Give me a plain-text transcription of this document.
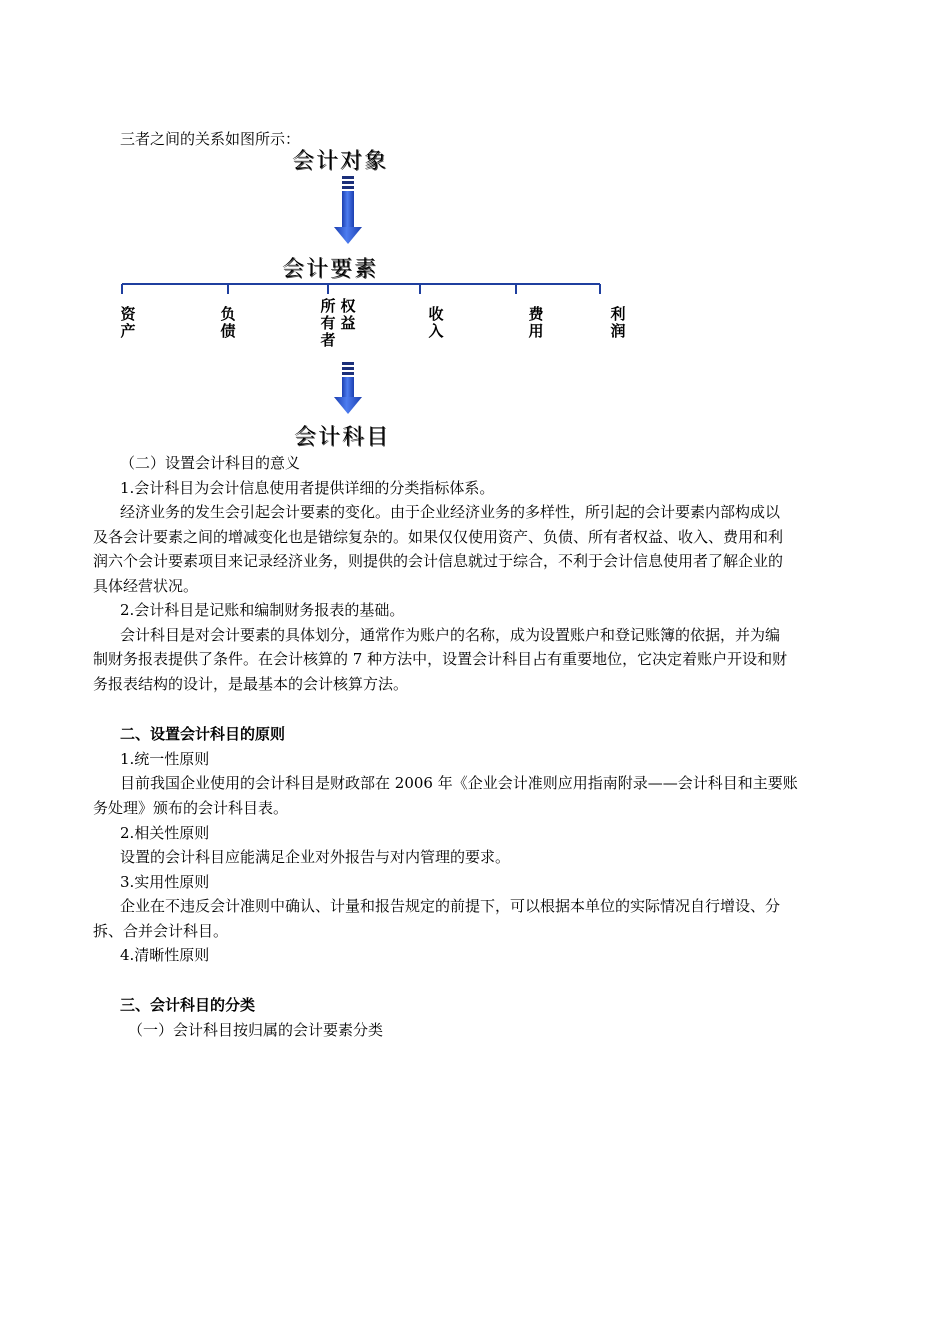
三者之间的关系如图所示：
会计对象
会计要素
资产
负债
所有者
权益	收入
费用
利润
会计科目
（二）设置会计科目的意义
1.会计科目为会计信息使用者提供详细的分类指标体系。
经济业务的发生会引起会计要素的变化。由于企业经济业务的多样性，所引起的会计要素内部构成以
及各会计要素之间的增减变化也是错综复杂的。如果仅仅使用资产、负债、所有者权益、收入、费用和利
润六个会计要素项目来记录经济业务，则提供的会计信息就过于综合，不利于会计信息使用者了解企业的
具体经营状况。
2.会计科目是记账和编制财务报表的基础。
会计科目是对会计要素的具体划分，通常作为账户的名称，成为设置账户和登记账簿的依据，并为编
制财务报表提供了条件。在会计核算的 7 种方法中，设置会计科目占有重要地位，它决定着账户开设和财
务报表结构的设计，是最基本的会计核算方法。
二、设置会计科目的原则
1.统一性原则
目前我国企业使用的会计科目是财政部在 2006 年《企业会计准则应用指南附录——会计科目和主要账
务处理》颁布的会计科目表。
2.相关性原则
设置的会计科目应能满足企业对外报告与对内管理的要求。
3.实用性原则
企业在不违反会计准则中确认、计量和报告规定的前提下，可以根据本单位的实际情况自行增设、分
拆、合并会计科目。
4.清晰性原则
三、会计科目的分类
（一）会计科目按归属的会计要素分类
